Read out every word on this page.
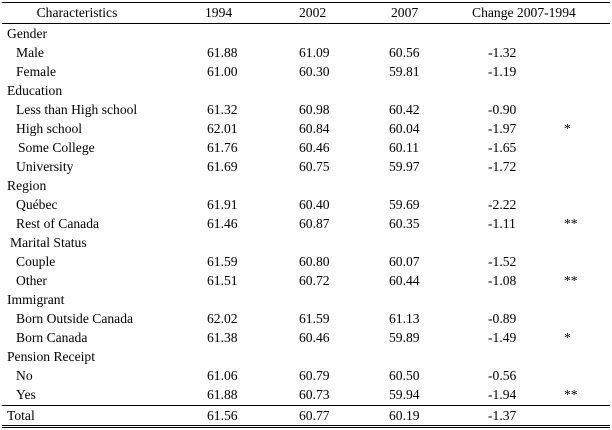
Characteristics	1994	2002	2007	Change 2007-1994
Gender
Male	61.88	61.09	60.56	-1.32
Female	61.00	60.30	59.81	-1.19
Education
Less than High school	61.32	60.98	60.42	-0.90
High school	62.01	60.84	60.04	-1.97	*
Some College	61.76	60.46	60.11	-1.65
University	61.69	60.75	59.97	-1.72
Region
Québec	61.91	60.40	59.69	-2.22
Rest of Canada	61.46	60.87	60.35	-1.11	**
Marital Status
Couple	61.59	60.80	60.07	-1.52
Other	61.51	60.72	60.44	-1.08	**
Immigrant
Born Outside Canada	62.02	61.59	61.13	-0.89
Born Canada	61.38	60.46	59.89	-1.49	*
Pension Receipt
No	61.06	60.79	60.50	-0.56
Yes	61.88	60.73	59.94	-1.94	**
Total	61.56	60.77	60.19	-1.37
